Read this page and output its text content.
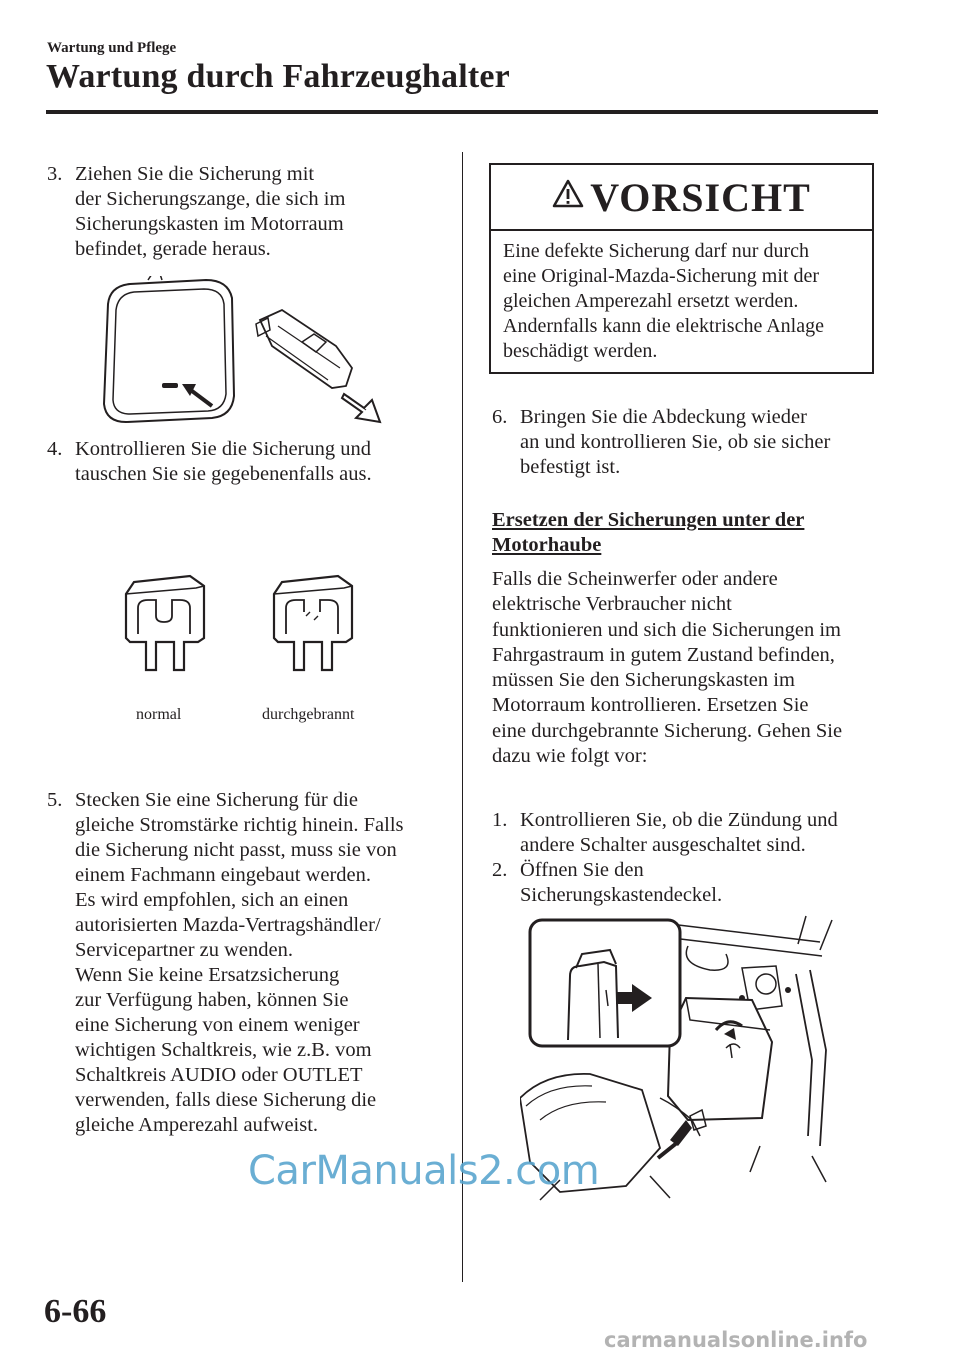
Wartung und Pflege
Wartung durch Fahrzeughalter
3. Ziehen Sie die Sicherung mit
der Sicherungszange, die sich im
Sicherungskasten im Motorraum
befindet, gerade heraus.
4. Kontrollieren Sie die Sicherung und
tauschen Sie sie gegebenenfalls aus.
normal	durchgebrannt
5. Stecken Sie eine Sicherung für die
gleiche Stromstärke richtig hinein. Falls
die Sicherung nicht passt, muss sie von
einem Fachmann eingebaut werden.
Es wird empfohlen, sich an einen
autorisierten Mazda-Vertragshändler/
Servicepartner zu wenden.
Wenn Sie keine Ersatzsicherung
zur Verfügung haben, können Sie
eine Sicherung von einem weniger
wichtigen Schaltkreis, wie z.B. vom
Schaltkreis AUDIO oder OUTLET
verwenden, falls diese Sicherung die
gleiche Amperezahl aufweist.
VORSICHT
Eine defekte Sicherung darf nur durch
eine Original-Mazda-Sicherung mit der
gleichen Amperezahl ersetzt werden.
Andernfalls kann die elektrische Anlage
beschädigt werden.
6. Bringen Sie die Abdeckung wieder
an und kontrollieren Sie, ob sie sicher
befestigt ist.
Ersetzen der Sicherungen unter der
Motorhaube
Falls die Scheinwerfer oder andere
elektrische Verbraucher nicht
funktionieren und sich die Sicherungen im
Fahrgastraum in gutem Zustand befinden,
müssen Sie den Sicherungskasten im
Motorraum kontrollieren. Ersetzen Sie
eine durchgebrannte Sicherung. Gehen Sie
dazu wie folgt vor:
1. Kontrollieren Sie, ob die Zündung und
andere Schalter ausgeschaltet sind.
2. Öffnen Sie den
Sicherungskastendeckel.
6-66
CarManuals2.com
carmanualsonline.info
